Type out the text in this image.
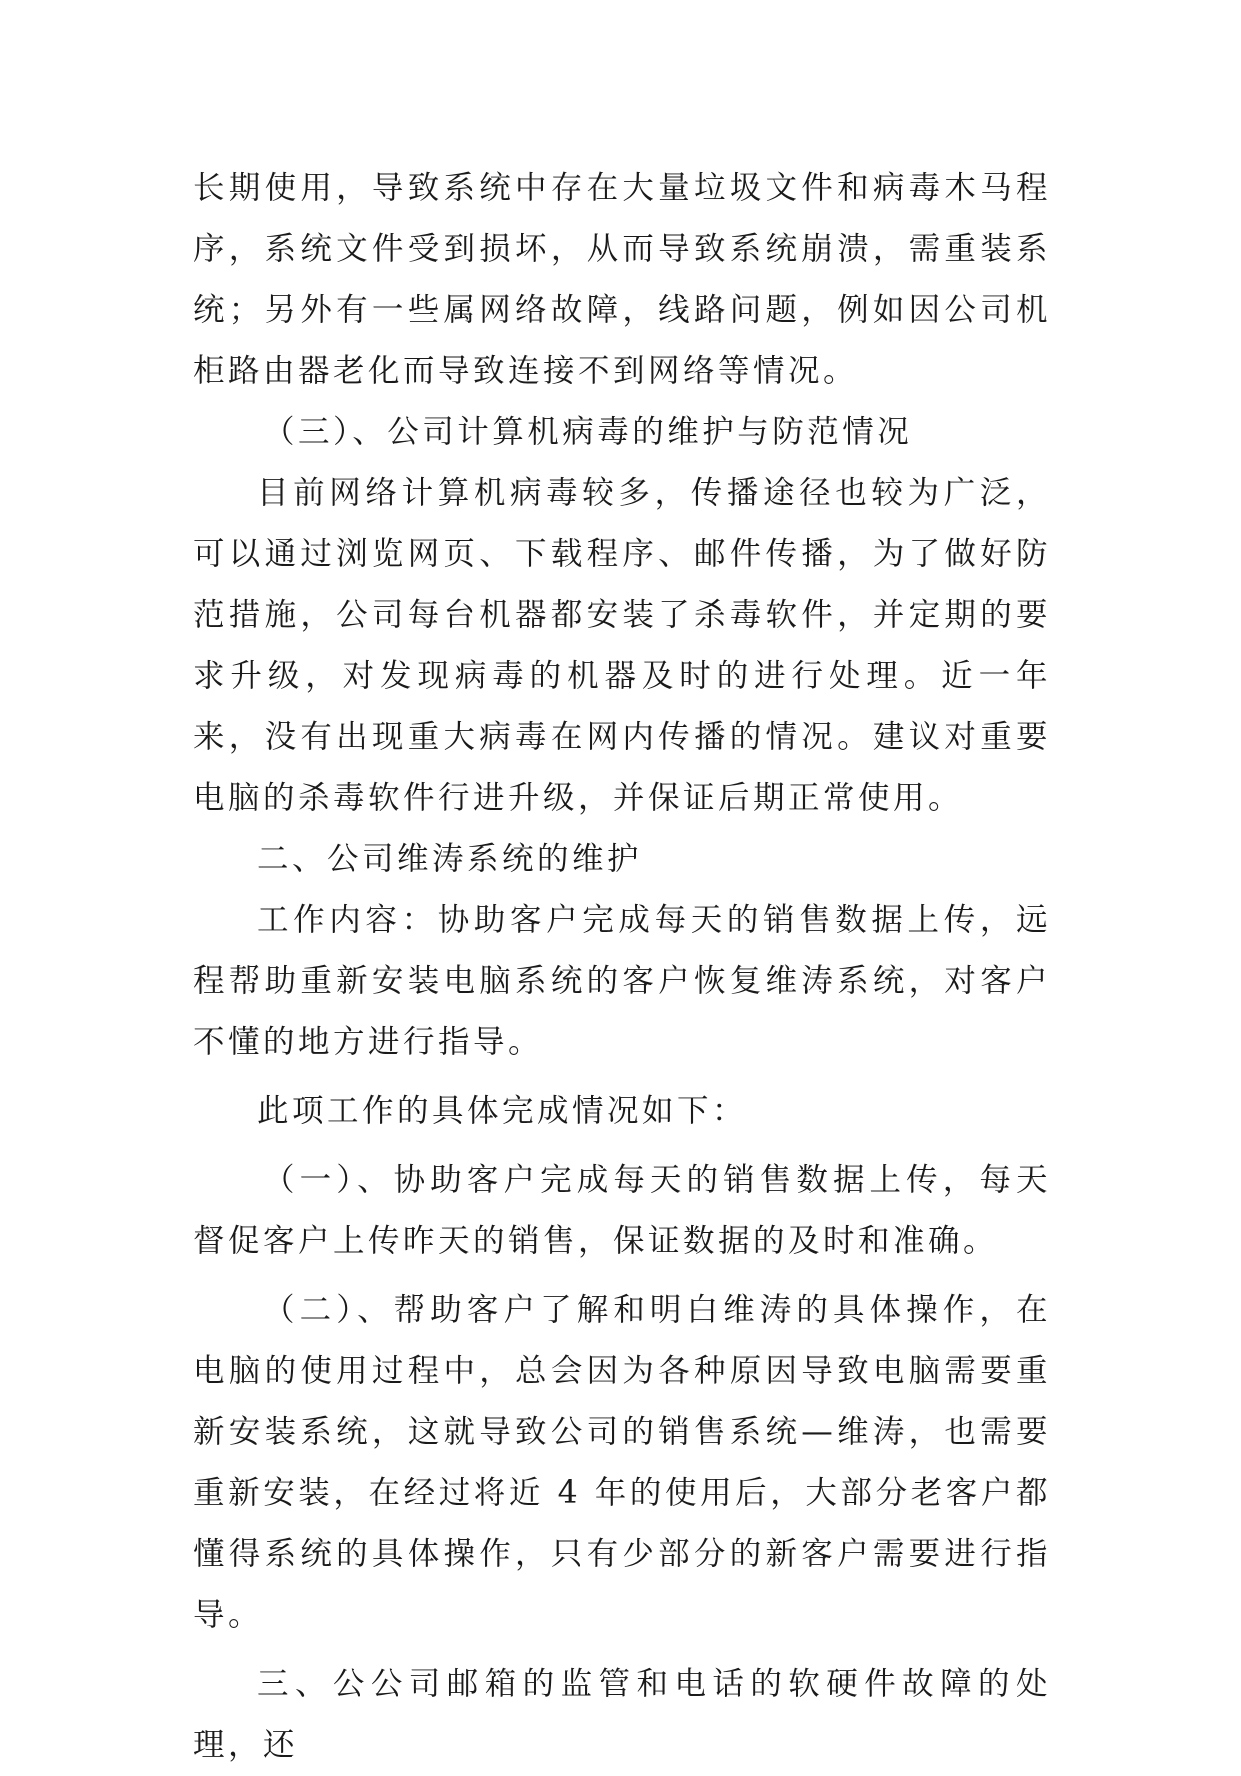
长期使用，导致系统中存在大量垃圾文件和病毒木马程序，系统文件受到损坏，从而导致系统崩溃，需重装系统；另外有一些属网络故障，线路问题，例如因公司机柜路由器老化而导致连接不到网络等情况。

（三）、公司计算机病毒的维护与防范情况

目前网络计算机病毒较多，传播途径也较为广泛，可以通过浏览网页、下载程序、邮件传播，为了做好防范措施，公司每台机器都安装了杀毒软件，并定期的要求升级，对发现病毒的机器及时的进行处理。近一年来，没有出现重大病毒在网内传播的情况。建议对重要电脑的杀毒软件行进升级，并保证后期正常使用。

二、公司维涛系统的维护

工作内容：协助客户完成每天的销售数据上传，远程帮助重新安装电脑系统的客户恢复维涛系统，对客户不懂的地方进行指导。

此项工作的具体完成情况如下：

（一）、协助客户完成每天的销售数据上传，每天督促客户上传昨天的销售，保证数据的及时和准确。

（二）、帮助客户了解和明白维涛的具体操作，在电脑的使用过程中，总会因为各种原因导致电脑需要重新安装系统，这就导致公司的销售系统—维涛，也需要重新安装，在经过将近 4 年的使用后，大部分老客户都懂得系统的具体操作，只有少部分的新客户需要进行指导。

三、公公司邮箱的监管和电话的软硬件故障的处理，还
